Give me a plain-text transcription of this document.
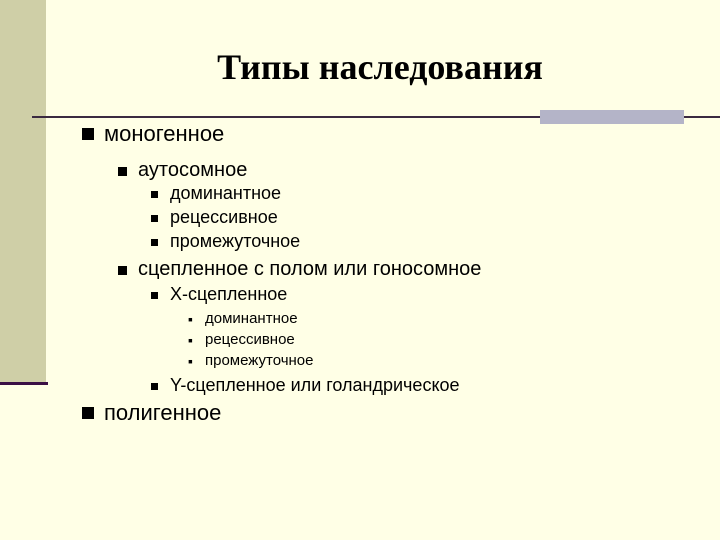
Типы наследования
моногенное
аутосомное
доминантное
рецессивное
промежуточное
сцепленное с полом или гоносомное
Х-сцепленное
▪ доминантное
▪ рецессивное
▪ промежуточное
Y-сцепленное или голандрическое
полигенное
